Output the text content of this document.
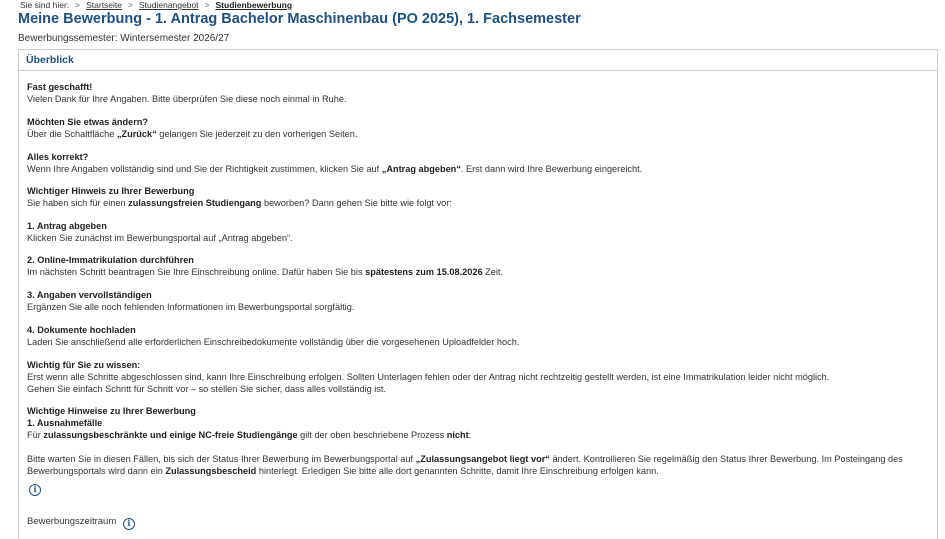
Sie sind hier: > Startseite > Studienangebot > Studienbewerbung
Meine Bewerbung - 1. Antrag Bachelor Maschinenbau (PO 2025), 1. Fachsemester
Bewerbungssemester: Wintersemester 2026/27
Überblick
Fast geschafft!
Vielen Dank für Ihre Angaben. Bitte überprüfen Sie diese noch einmal in Ruhe.
Möchten Sie etwas ändern?
Über die Schaltfläche „Zurück“ gelangen Sie jederzeit zu den vorherigen Seiten.
Alles korrekt?
Wenn Ihre Angaben vollständig sind und Sie der Richtigkeit zustimmen, klicken Sie auf „Antrag abgeben“. Erst dann wird Ihre Bewerbung eingereicht.
Wichtiger Hinweis zu Ihrer Bewerbung
Sie haben sich für einen zulassungsfreien Studiengang beworben? Dann gehen Sie bitte wie folgt vor:
1. Antrag abgeben
Klicken Sie zunächst im Bewerbungsportal auf „Antrag abgeben“.
2. Online-Immatrikulation durchführen
Im nächsten Schritt beantragen Sie Ihre Einschreibung online. Dafür haben Sie bis spätestens zum 15.08.2026 Zeit.
3. Angaben vervollständigen
Ergänzen Sie alle noch fehlenden Informationen im Bewerbungsportal sorgfältig.
4. Dokumente hochladen
Laden Sie anschließend alle erforderlichen Einschreibedokumente vollständig über die vorgesehenen Uploadfelder hoch.
Wichtig für Sie zu wissen:
Erst wenn alle Schritte abgeschlossen sind, kann Ihre Einschreibung erfolgen. Sollten Unterlagen fehlen oder der Antrag nicht rechtzeitig gestellt werden, ist eine Immatrikulation leider nicht möglich.
Gehen Sie einfach Schritt für Schritt vor – so stellen Sie sicher, dass alles vollständig ist.
Wichtige Hinweise zu Ihrer Bewerbung
1. Ausnahmefälle
Für zulassungsbeschränkte und einige NC-freie Studiengänge gilt der oben beschriebene Prozess nicht:
Bitte warten Sie in diesen Fällen, bis sich der Status Ihrer Bewerbung im Bewerbungsportal auf „Zulassungsangebot liegt vor“ ändert. Kontrollieren Sie regelmäßig den Status Ihrer Bewerbung. Im Posteingang des
Bewerbungsportals wird dann ein Zulassungsbescheid hinterlegt. Erledigen Sie bitte alle dort genannten Schritte, damit Ihre Einschreibung erfolgen kann.
i
Bewerbungszeitraum i
